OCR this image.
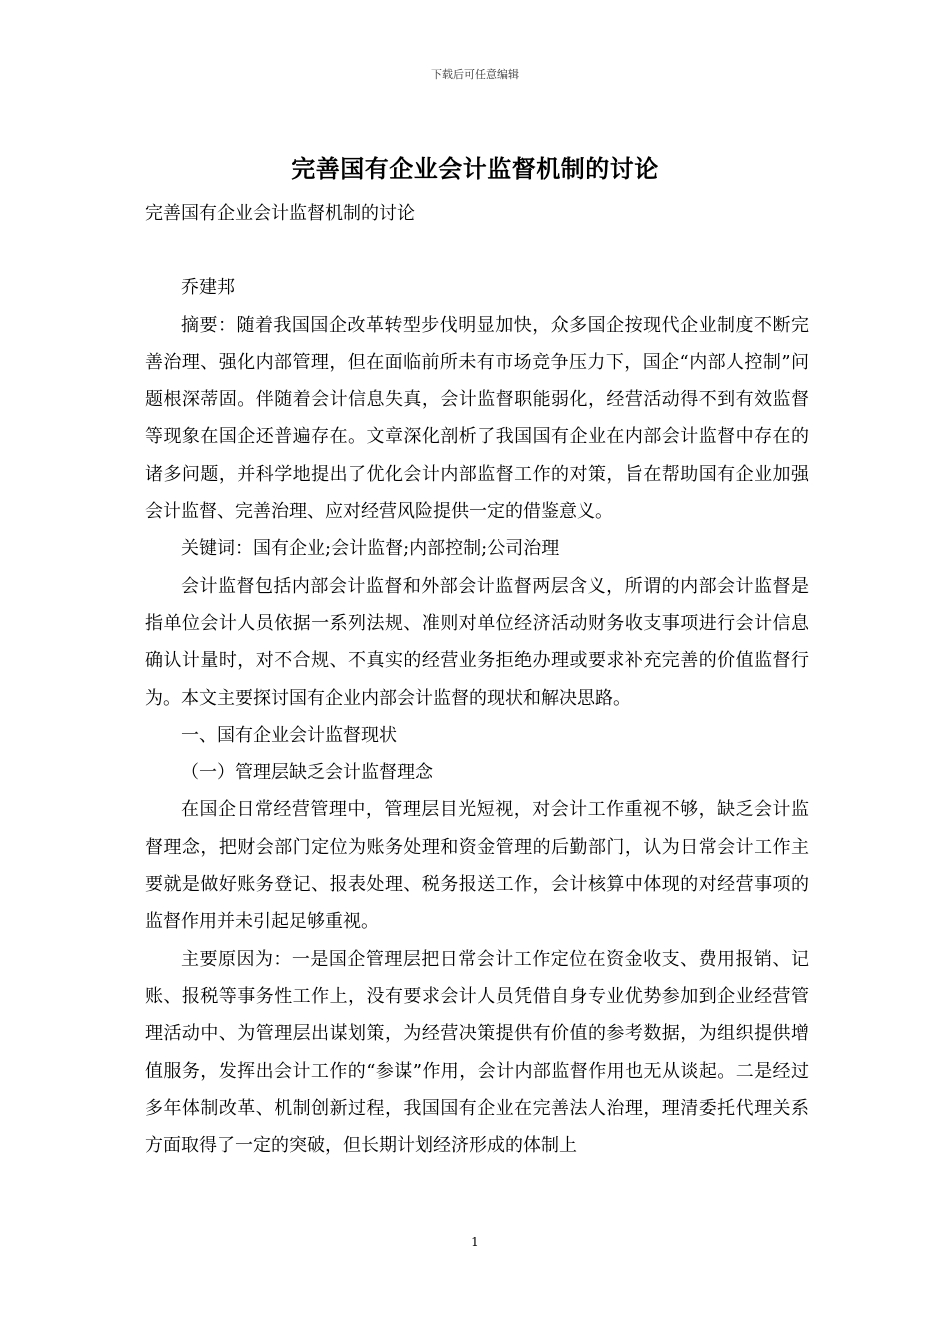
下载后可任意编辑
完善国有企业会计监督机制的讨论

完善国有企业会计监督机制的讨论

乔建邦

摘要：随着我国国企改革转型步伐明显加快，众多国企按现代企业制度不断完善治理、强化内部管理，但在面临前所未有市场竞争压力下，国企“内部人控制”问题根深蒂固。伴随着会计信息失真，会计监督职能弱化，经营活动得不到有效监督等现象在国企还普遍存在。文章深化剖析了我国国有企业在内部会计监督中存在的诸多问题，并科学地提出了优化会计内部监督工作的对策，旨在帮助国有企业加强会计监督、完善治理、应对经营风险提供一定的借鉴意义。

关键词：国有企业;会计监督;内部控制;公司治理

会计监督包括内部会计监督和外部会计监督两层含义，所谓的内部会计监督是指单位会计人员依据一系列法规、准则对单位经济活动财务收支事项进行会计信息确认计量时，对不合规、不真实的经营业务拒绝办理或要求补充完善的价值监督行为。本文主要探讨国有企业内部会计监督的现状和解决思路。

一、国有企业会计监督现状

（一）管理层缺乏会计监督理念

在国企日常经营管理中，管理层目光短视，对会计工作重视不够，缺乏会计监督理念，把财会部门定位为账务处理和资金管理的后勤部门，认为日常会计工作主要就是做好账务登记、报表处理、税务报送工作，会计核算中体现的对经营事项的监督作用并未引起足够重视。

主要原因为：一是国企管理层把日常会计工作定位在资金收支、费用报销、记账、报税等事务性工作上，没有要求会计人员凭借自身专业优势参加到企业经营管理活动中、为管理层出谋划策，为经营决策提供有价值的参考数据，为组织提供增值服务，发挥出会计工作的“参谋”作用，会计内部监督作用也无从谈起。二是经过多年体制改革、机制创新过程，我国国有企业在完善法人治理，理清委托代理关系方面取得了一定的突破，但长期计划经济形成的体制上

1
